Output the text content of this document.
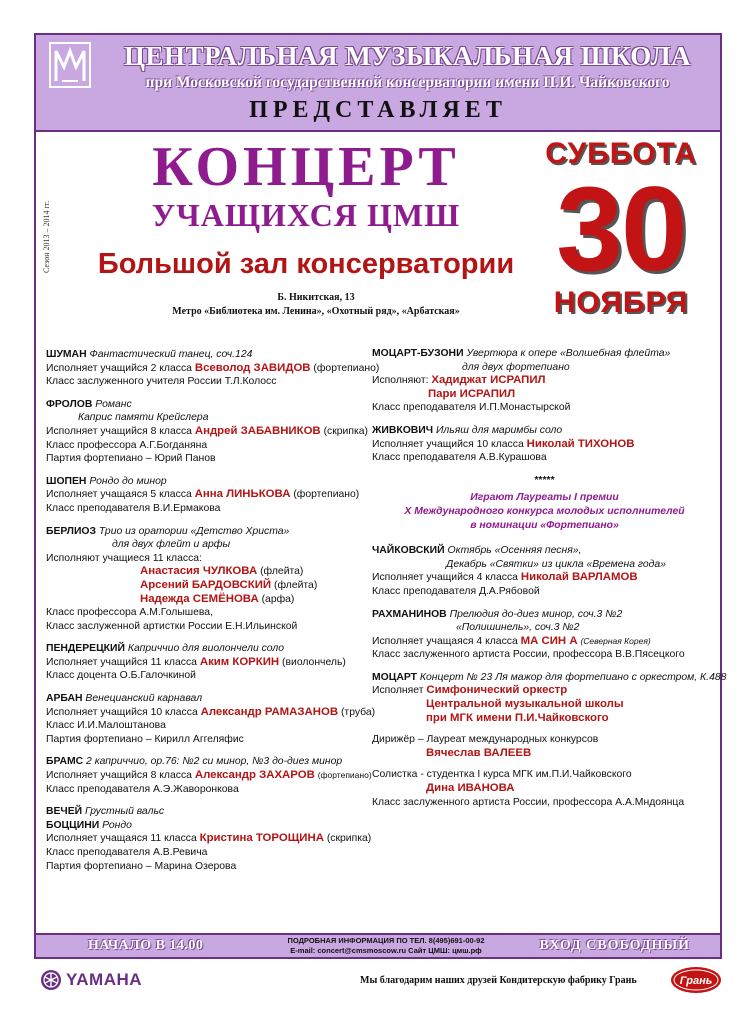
ЦЕНТРАЛЬНАЯ МУЗЫКАЛЬНАЯ ШКОЛА
при Московской государственной консерватории имени П.И. Чайковского
ПРЕДСТАВЛЯЕТ
Сезон 2013 – 2014 гг.
КОНЦЕРТ
УЧАЩИХСЯ ЦМШ
Большой зал консерватории
Б. Никитская, 13
Метро «Библиотека им. Ленина», «Охотный ряд», «Арбатская»
СУББОТА
30
НОЯБРЯ
ШУМАН Фантастический танец, соч.124
Исполняет учащийся 2 класса Всеволод ЗАВИДОВ (фортепиано)
Класс заслуженного учителя России Т.Л.Колосс
ФРОЛОВ Романс
Каприс памяти Крейслера
Исполняет учащийся 8 класса Андрей ЗАБАВНИКОВ (скрипка)
Класс профессора А.Г.Богданяна
Партия фортепиано – Юрий Панов
ШОПЕН Рондо до минор
Исполняет учащаяся 5 класса Анна ЛИНЬКОВА (фортепиано)
Класс преподавателя В.И.Ермакова
БЕРЛИОЗ Трио из оратории «Детство Христа»
для двух флейт и арфы
Исполняют учащиеся 11 класса:
Анастасия ЧУЛКОВА (флейта)
Арсений БАРДОВСКИЙ (флейта)
Надежда СЕМЁНОВА (арфа)
Класс профессора А.М.Голышева,
Класс заслуженной артистки России Е.Н.Ильинской
ПЕНДЕРЕЦКИЙ Каприччио для виолончели соло
Исполняет учащийся 11 класса Аким КОРКИН (виолончель)
Класс доцента О.Б.Галочкиной
АРБАН Венецианский карнавал
Исполняет учащийся 10 класса Александр РАМАЗАНОВ (труба)
Класс И.И.Малоштанова
Партия фортепиано – Кирилл Аггеляфис
БРАМС 2 каприччио, ор.76: №2 си минор, №3 до-диез минор
Исполняет учащийся 8 класса Александр ЗАХАРОВ (фортепиано)
Класс преподавателя А.Э.Жаворонкова
ВЕЧЕЙ Грустный вальс
БОЦЦИНИ Рондо
Исполняет учащаяся 11 класса Кристина ТОРОЩИНА (скрипка)
Класс преподавателя А.В.Ревича
Партия фортепиано – Марина Озерова
МОЦАРТ-БУЗОНИ Увертюра к опере «Волшебная флейта»
для двух фортепиано
Исполняют: Хадиджат ИСРАПИЛ
Пари ИСРАПИЛ
Класс преподавателя И.П.Монастырской
ЖИВКОВИЧ Ильяш для маримбы соло
Исполняет учащийся 10 класса Николай ТИХОНОВ
Класс преподавателя А.В.Курашова
*****
Играют Лауреаты I премии
X Международного конкурса молодых исполнителей
в номинации «Фортепиано»
ЧАЙКОВСКИЙ Октябрь «Осенняя песня»,
Декабрь «Святки» из цикла «Времена года»
Исполняет учащийся 4 класса Николай ВАРЛАМОВ
Класс преподавателя Д.А.Рябовой
РАХМАНИНОВ Прелюдия до-диез минор, соч.3 №2
«Полишинель», соч.3 №2
Исполняет учащаяся 4 класса МА СИН А (Северная Корея)
Класс заслуженного артиста России, профессора В.В.Пясецкого
МОЦАРТ Концерт № 23 Ля мажор для фортепиано с оркестром, К.488
Исполняет Симфонический оркестр
Центральной музыкальной школы
при МГК имени П.И.Чайковского
Дирижёр – Лауреат международных конкурсов
Вячеслав ВАЛЕЕВ
Солистка - студентка I курса МГК им.П.И.Чайковского
Дина ИВАНОВА
Класс заслуженного артиста России, профессора А.А.Мндоянца
НАЧАЛО В 14.00	ПОДРОБНАЯ ИНФОРМАЦИЯ ПО ТЕЛ. 8(495)691-00-92
E-mail: concert@cmsmoscow.ru Сайт ЦМШ: цмш.рф	ВХОД СВОБОДНЫЙ
YAMAHA	Мы благодарим наших друзей Кондитерскую фабрику Грань	Грань
